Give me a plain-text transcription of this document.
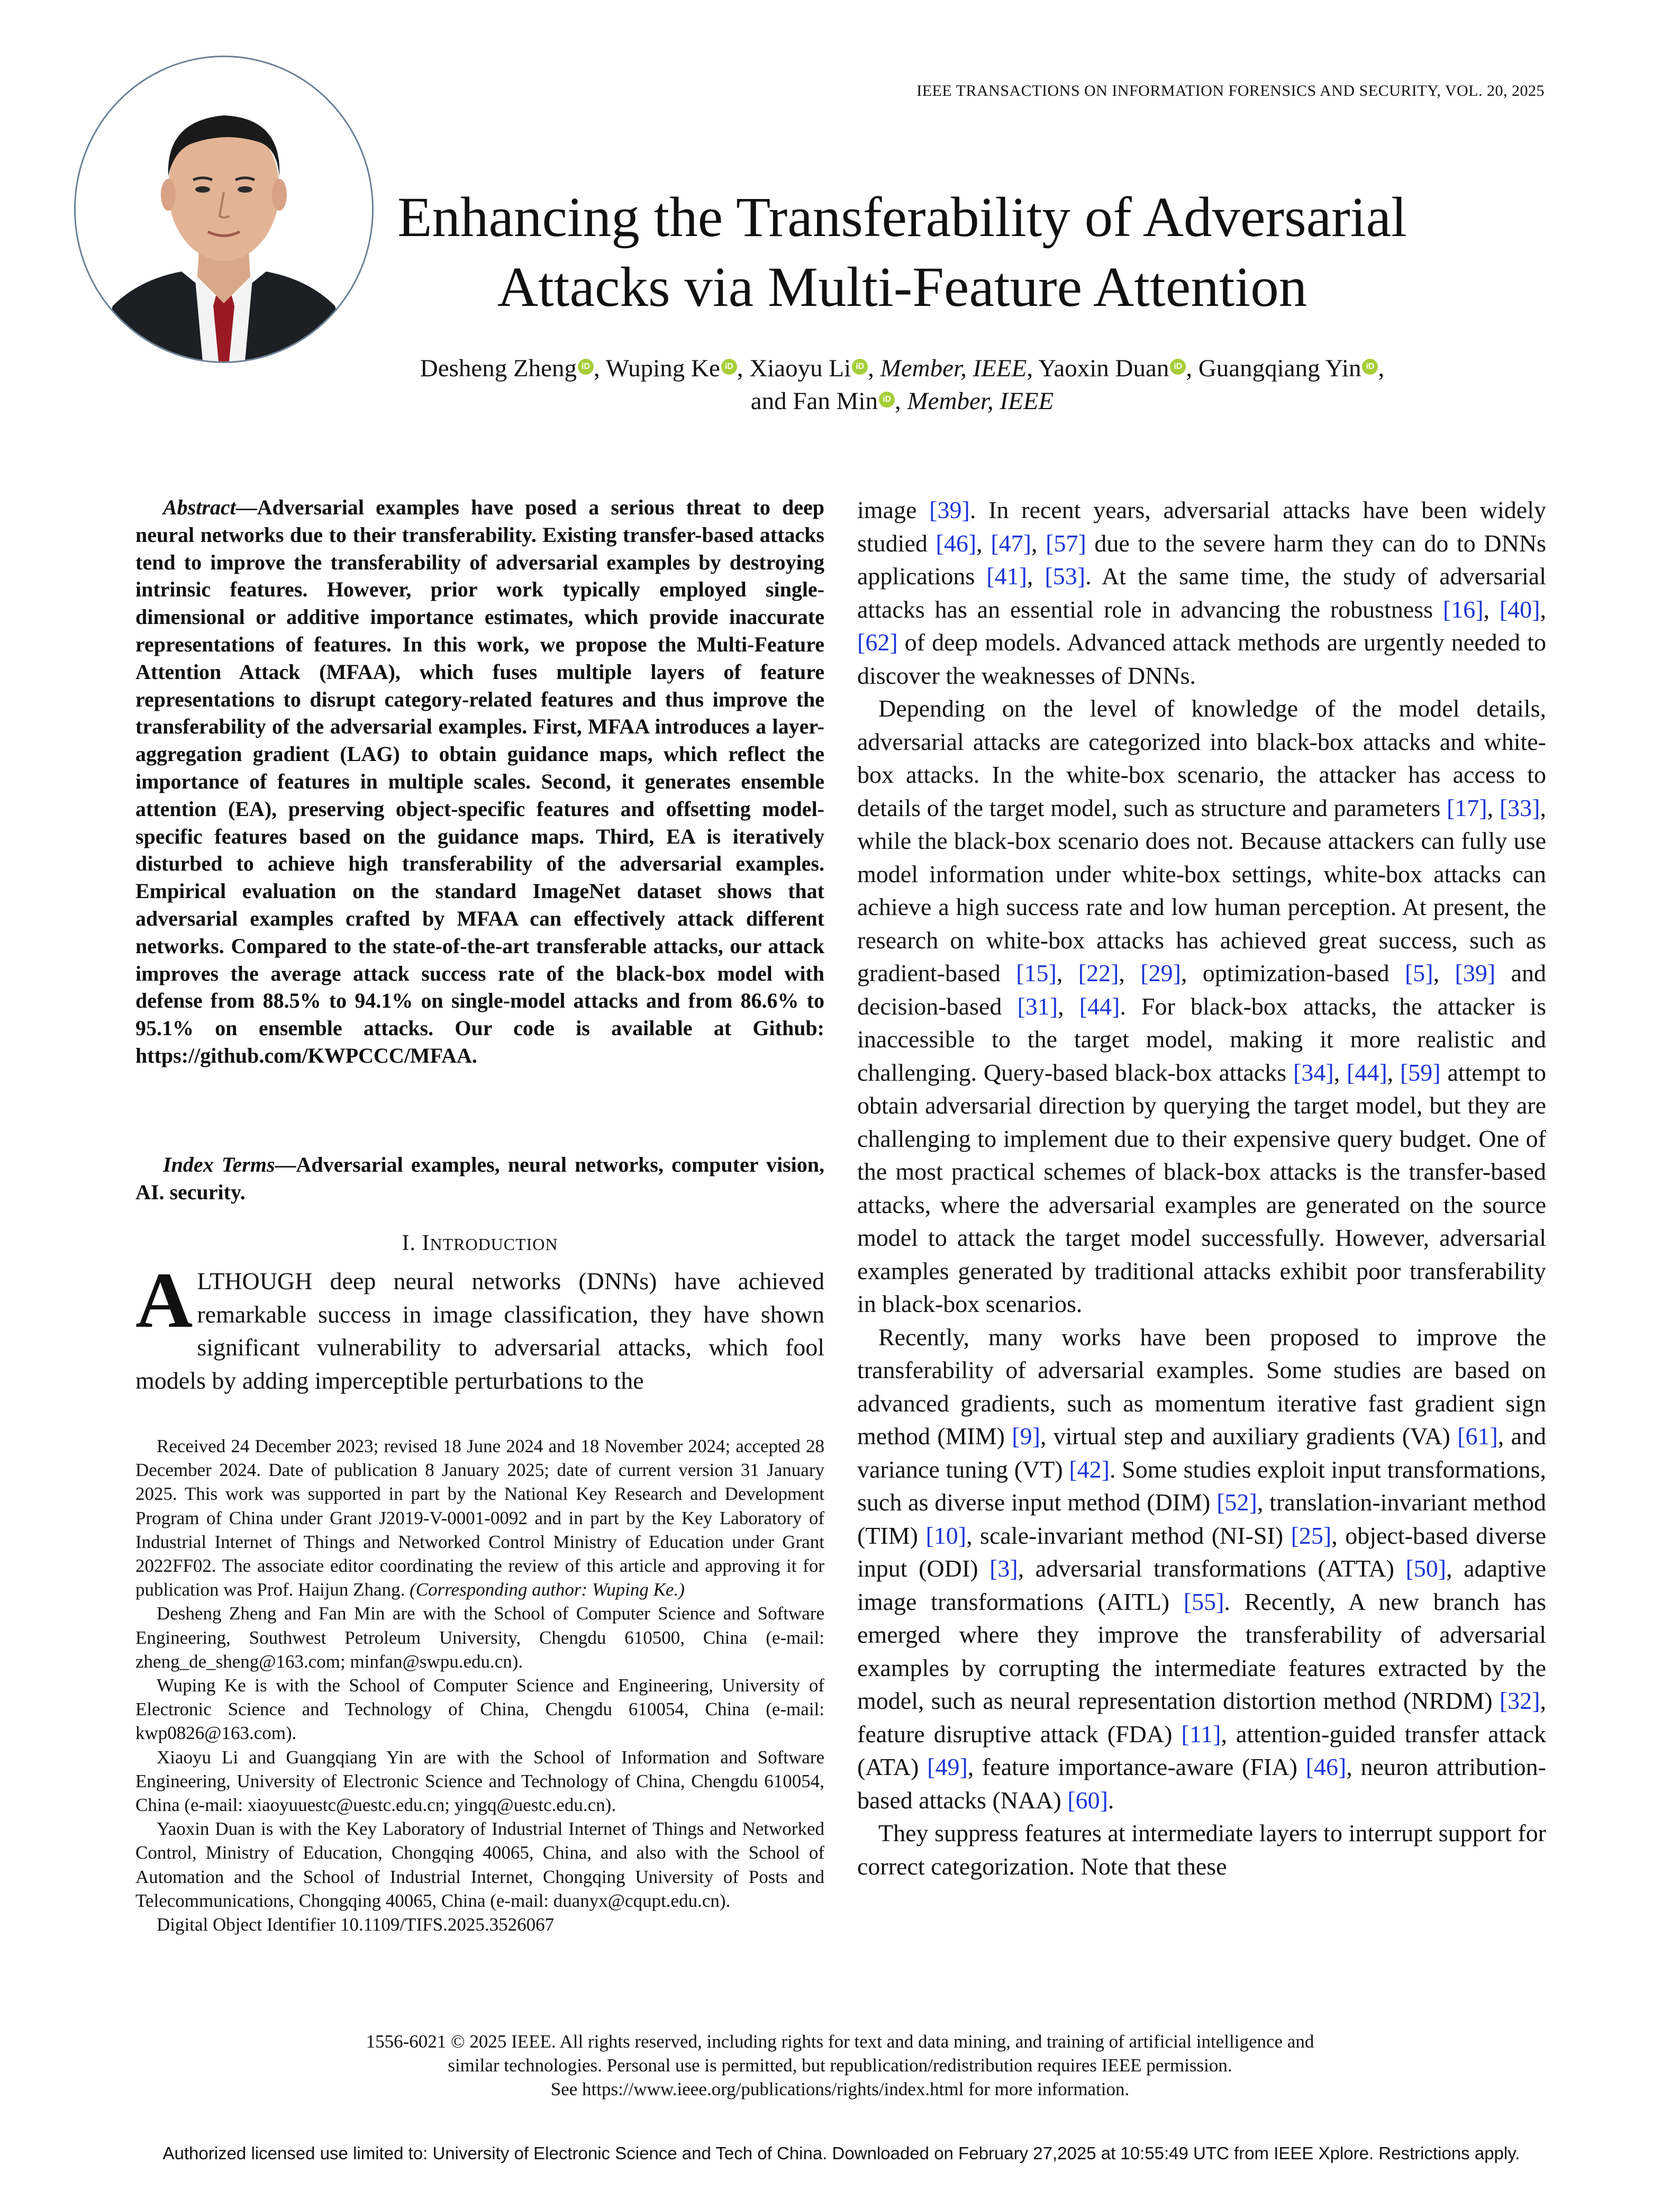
IEEE TRANSACTIONS ON INFORMATION FORENSICS AND SECURITY, VOL. 20, 2025
Enhancing the Transferability of Adversarial
Attacks via Multi-Feature Attention
Desheng Zheng iD , Wuping Ke iD , Xiaoyu Li iD , Member, IEEE, Yaoxin Duan iD , Guangqiang Yin iD ,
and Fan Min iD , Member, IEEE
Abstract—Adversarial examples have posed a serious threat to deep neural networks due to their transferability. Existing transfer-based attacks tend to improve the transferability of adversarial examples by destroying intrinsic features. However, prior work typically employed single-dimensional or additive importance estimates, which provide inaccurate representations of features. In this work, we propose the Multi-Feature Attention Attack (MFAA), which fuses multiple layers of feature representations to disrupt category-related features and thus improve the transferability of the adversarial examples. First, MFAA introduces a layer-aggregation gradient (LAG) to obtain guidance maps, which reflect the importance of features in multiple scales. Second, it generates ensemble attention (EA), preserving object-specific features and offsetting model-specific features based on the guidance maps. Third, EA is iteratively disturbed to achieve high transferability of the adversarial examples. Empirical evaluation on the standard ImageNet dataset shows that adversarial examples crafted by MFAA can effectively attack different networks. Compared to the state-of-the-art transferable attacks, our attack improves the average attack success rate of the black-box model with defense from 88.5% to 94.1% on single-model attacks and from 86.6% to 95.1% on ensemble attacks. Our code is available at Github: https://github.com/KWPCCC/MFAA.
Index Terms—Adversarial examples, neural networks, computer vision, AI. security.
I. INTRODUCTION
ALTHOUGH deep neural networks (DNNs) have achieved remarkable success in image classification, they have shown significant vulnerability to adversarial attacks, which fool models by adding imperceptible perturbations to the

Received 24 December 2023; revised 18 June 2024 and 18 November 2024; accepted 28 December 2024. Date of publication 8 January 2025; date of current version 31 January 2025. This work was supported in part by the National Key Research and Development Program of China under Grant J2019-V-0001-0092 and in part by the Key Laboratory of Industrial Internet of Things and Networked Control Ministry of Education under Grant 2022FF02. The associate editor coordinating the review of this article and approving it for publication was Prof. Haijun Zhang. (Corresponding author: Wuping Ke.)

Desheng Zheng and Fan Min are with the School of Computer Science and Software Engineering, Southwest Petroleum University, Chengdu 610500, China (e-mail: zheng_de_sheng@163.com; minfan@swpu.edu.cn).

Wuping Ke is with the School of Computer Science and Engineering, University of Electronic Science and Technology of China, Chengdu 610054, China (e-mail: kwp0826@163.com).

Xiaoyu Li and Guangqiang Yin are with the School of Information and Software Engineering, University of Electronic Science and Technology of China, Chengdu 610054, China (e-mail: xiaoyuuestc@uestc.edu.cn; yingq@uestc.edu.cn).

Yaoxin Duan is with the Key Laboratory of Industrial Internet of Things and Networked Control, Ministry of Education, Chongqing 40065, China, and also with the School of Automation and the School of Industrial Internet, Chongqing University of Posts and Telecommunications, Chongqing 40065, China (e-mail: duanyx@cqupt.edu.cn).

Digital Object Identifier 10.1109/TIFS.2025.3526067

image [39]. In recent years, adversarial attacks have been widely studied [46], [47], [57] due to the severe harm they can do to DNNs applications [41], [53]. At the same time, the study of adversarial attacks has an essential role in advancing the robustness [16], [40], [62] of deep models. Advanced attack methods are urgently needed to discover the weaknesses of DNNs.

Depending on the level of knowledge of the model details, adversarial attacks are categorized into black-box attacks and white-box attacks. In the white-box scenario, the attacker has access to details of the target model, such as structure and parameters [17], [33], while the black-box scenario does not. Because attackers can fully use model information under white-box settings, white-box attacks can achieve a high success rate and low human perception. At present, the research on white-box attacks has achieved great success, such as gradient-based [15], [22], [29], optimization-based [5], [39] and decision-based [31], [44]. For black-box attacks, the attacker is inaccessible to the target model, making it more realistic and challenging. Query-based black-box attacks [34], [44], [59] attempt to obtain adversarial direction by querying the target model, but they are challenging to implement due to their expensive query budget. One of the most practical schemes of black-box attacks is the transfer-based attacks, where the adversarial examples are generated on the source model to attack the target model successfully. However, adversarial examples generated by traditional attacks exhibit poor transferability in black-box scenarios.

Recently, many works have been proposed to improve the transferability of adversarial examples. Some studies are based on advanced gradients, such as momentum iterative fast gradient sign method (MIM) [9], virtual step and auxiliary gradients (VA) [61], and variance tuning (VT) [42]. Some studies exploit input transformations, such as diverse input method (DIM) [52], translation-invariant method (TIM) [10], scale-invariant method (NI-SI) [25], object-based diverse input (ODI) [3], adversarial transformations (ATTA) [50], adaptive image transformations (AITL) [55]. Recently, A new branch has emerged where they improve the transferability of adversarial examples by corrupting the intermediate features extracted by the model, such as neural representation distortion method (NRDM) [32], feature disruptive attack (FDA) [11], attention-guided transfer attack (ATA) [49], feature importance-aware (FIA) [46], neuron attribution-based attacks (NAA) [60].

They suppress features at intermediate layers to interrupt support for correct categorization. Note that these

1556-6021 © 2025 IEEE. All rights reserved, including rights for text and data mining, and training of artificial intelligence and
similar technologies. Personal use is permitted, but republication/redistribution requires IEEE permission.
See https://www.ieee.org/publications/rights/index.html for more information.
Authorized licensed use limited to: University of Electronic Science and Tech of China. Downloaded on February 27,2025 at 10:55:49 UTC from IEEE Xplore. Restrictions apply.
